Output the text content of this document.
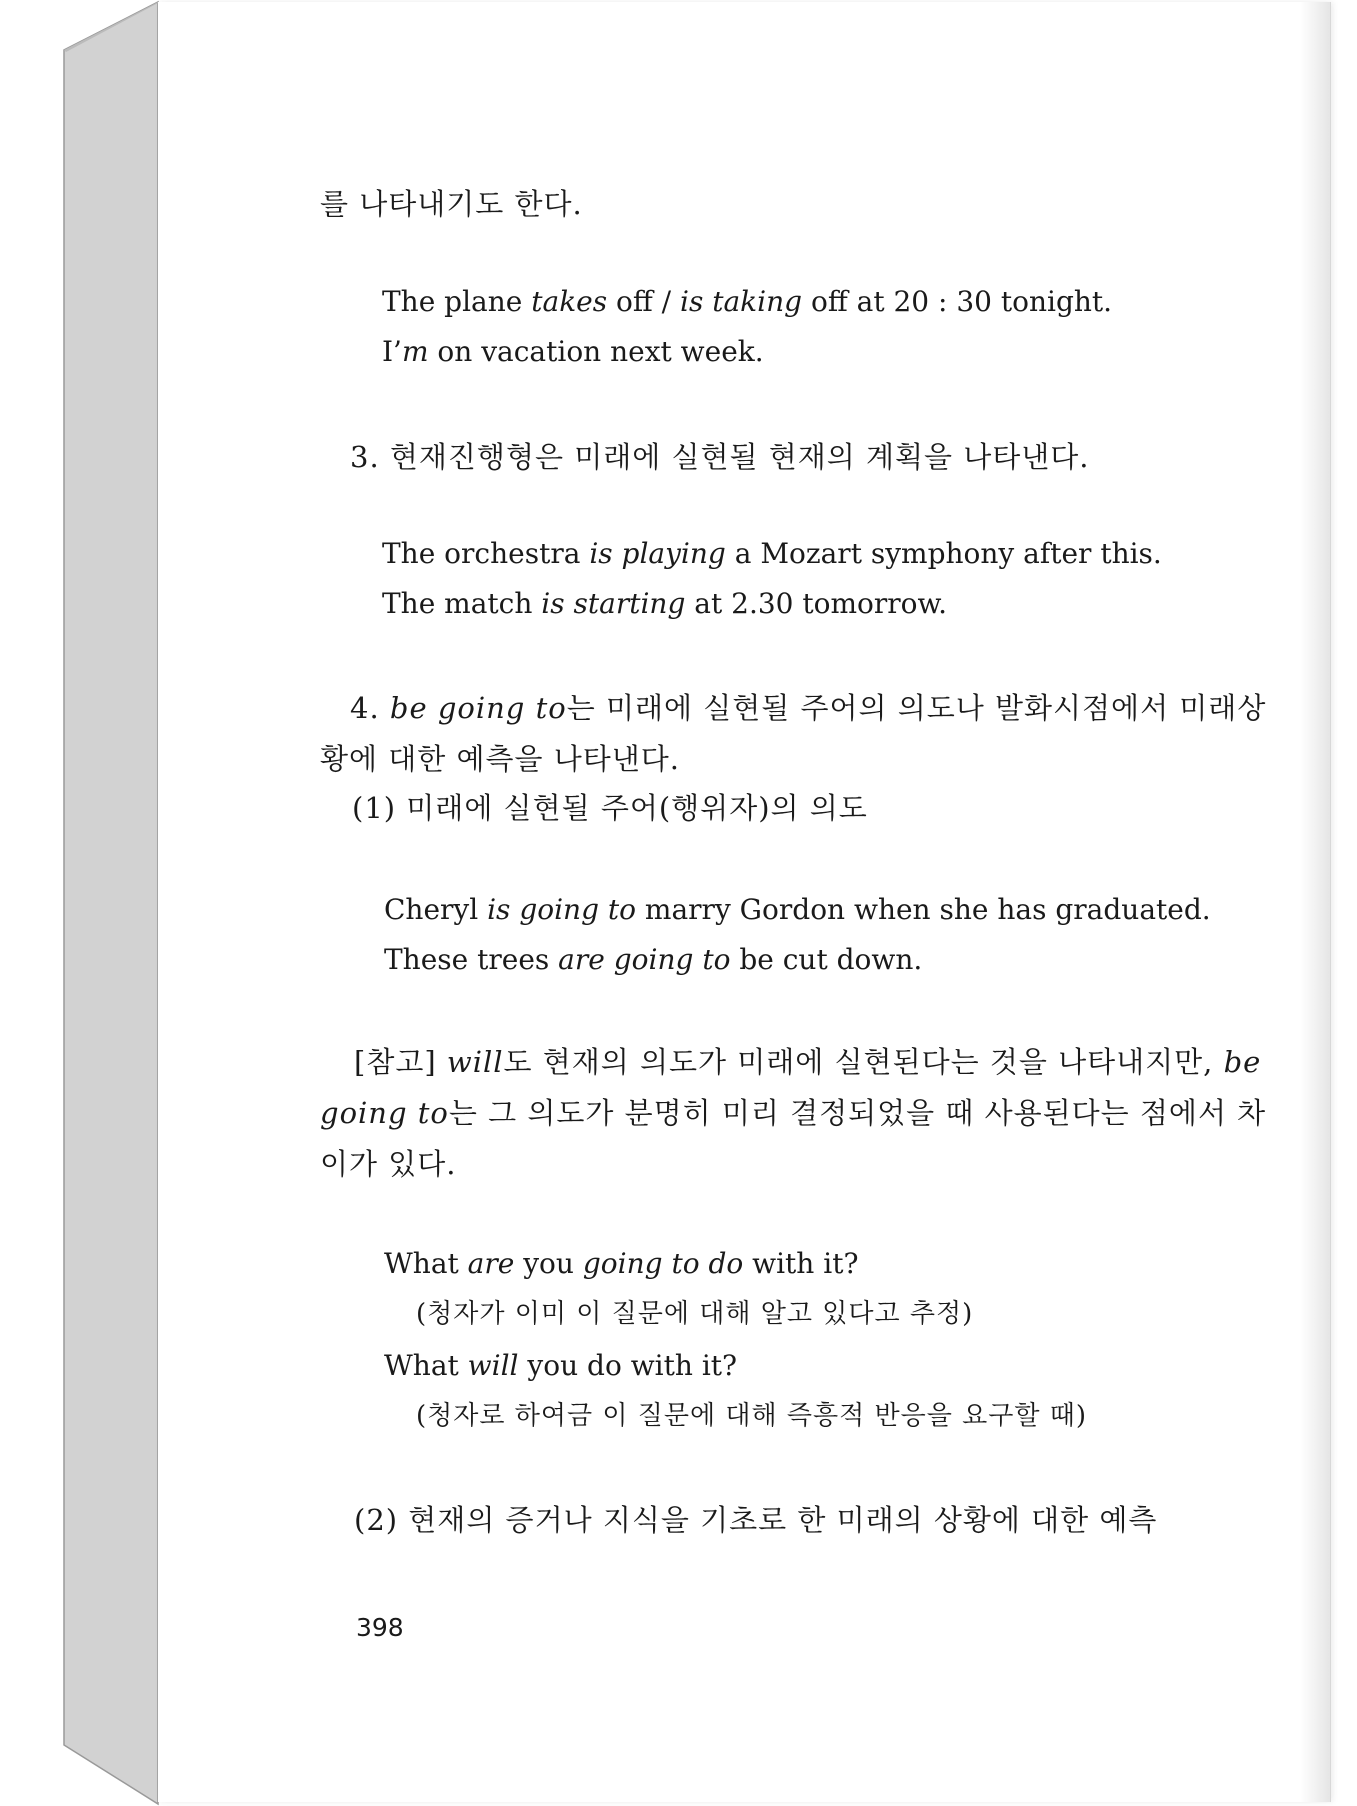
를 나타내기도 한다.
The plane takes off / is taking off at 20 : 30 tonight.
I’m on vacation next week.
3. 현재진행형은 미래에 실현될 현재의 계획을 나타낸다.
The orchestra is playing a Mozart symphony after this.
The match is starting at 2.30 tomorrow.
4. be going to는 미래에 실현될 주어의 의도나 발화시점에서 미래상
황에 대한 예측을 나타낸다.
(1) 미래에 실현될 주어(행위자)의 의도
Cheryl is going to marry Gordon when she has graduated.
These trees are going to be cut down.
[참고] will도 현재의 의도가 미래에 실현된다는 것을 나타내지만, be
going to는 그 의도가 분명히 미리 결정되었을 때 사용된다는 점에서 차
이가 있다.
What are you going to do with it?
(청자가 이미 이 질문에 대해 알고 있다고 추정)
What will you do with it?
(청자로 하여금 이 질문에 대해 즉흥적 반응을 요구할 때)
(2) 현재의 증거나 지식을 기초로 한 미래의 상황에 대한 예측
398
